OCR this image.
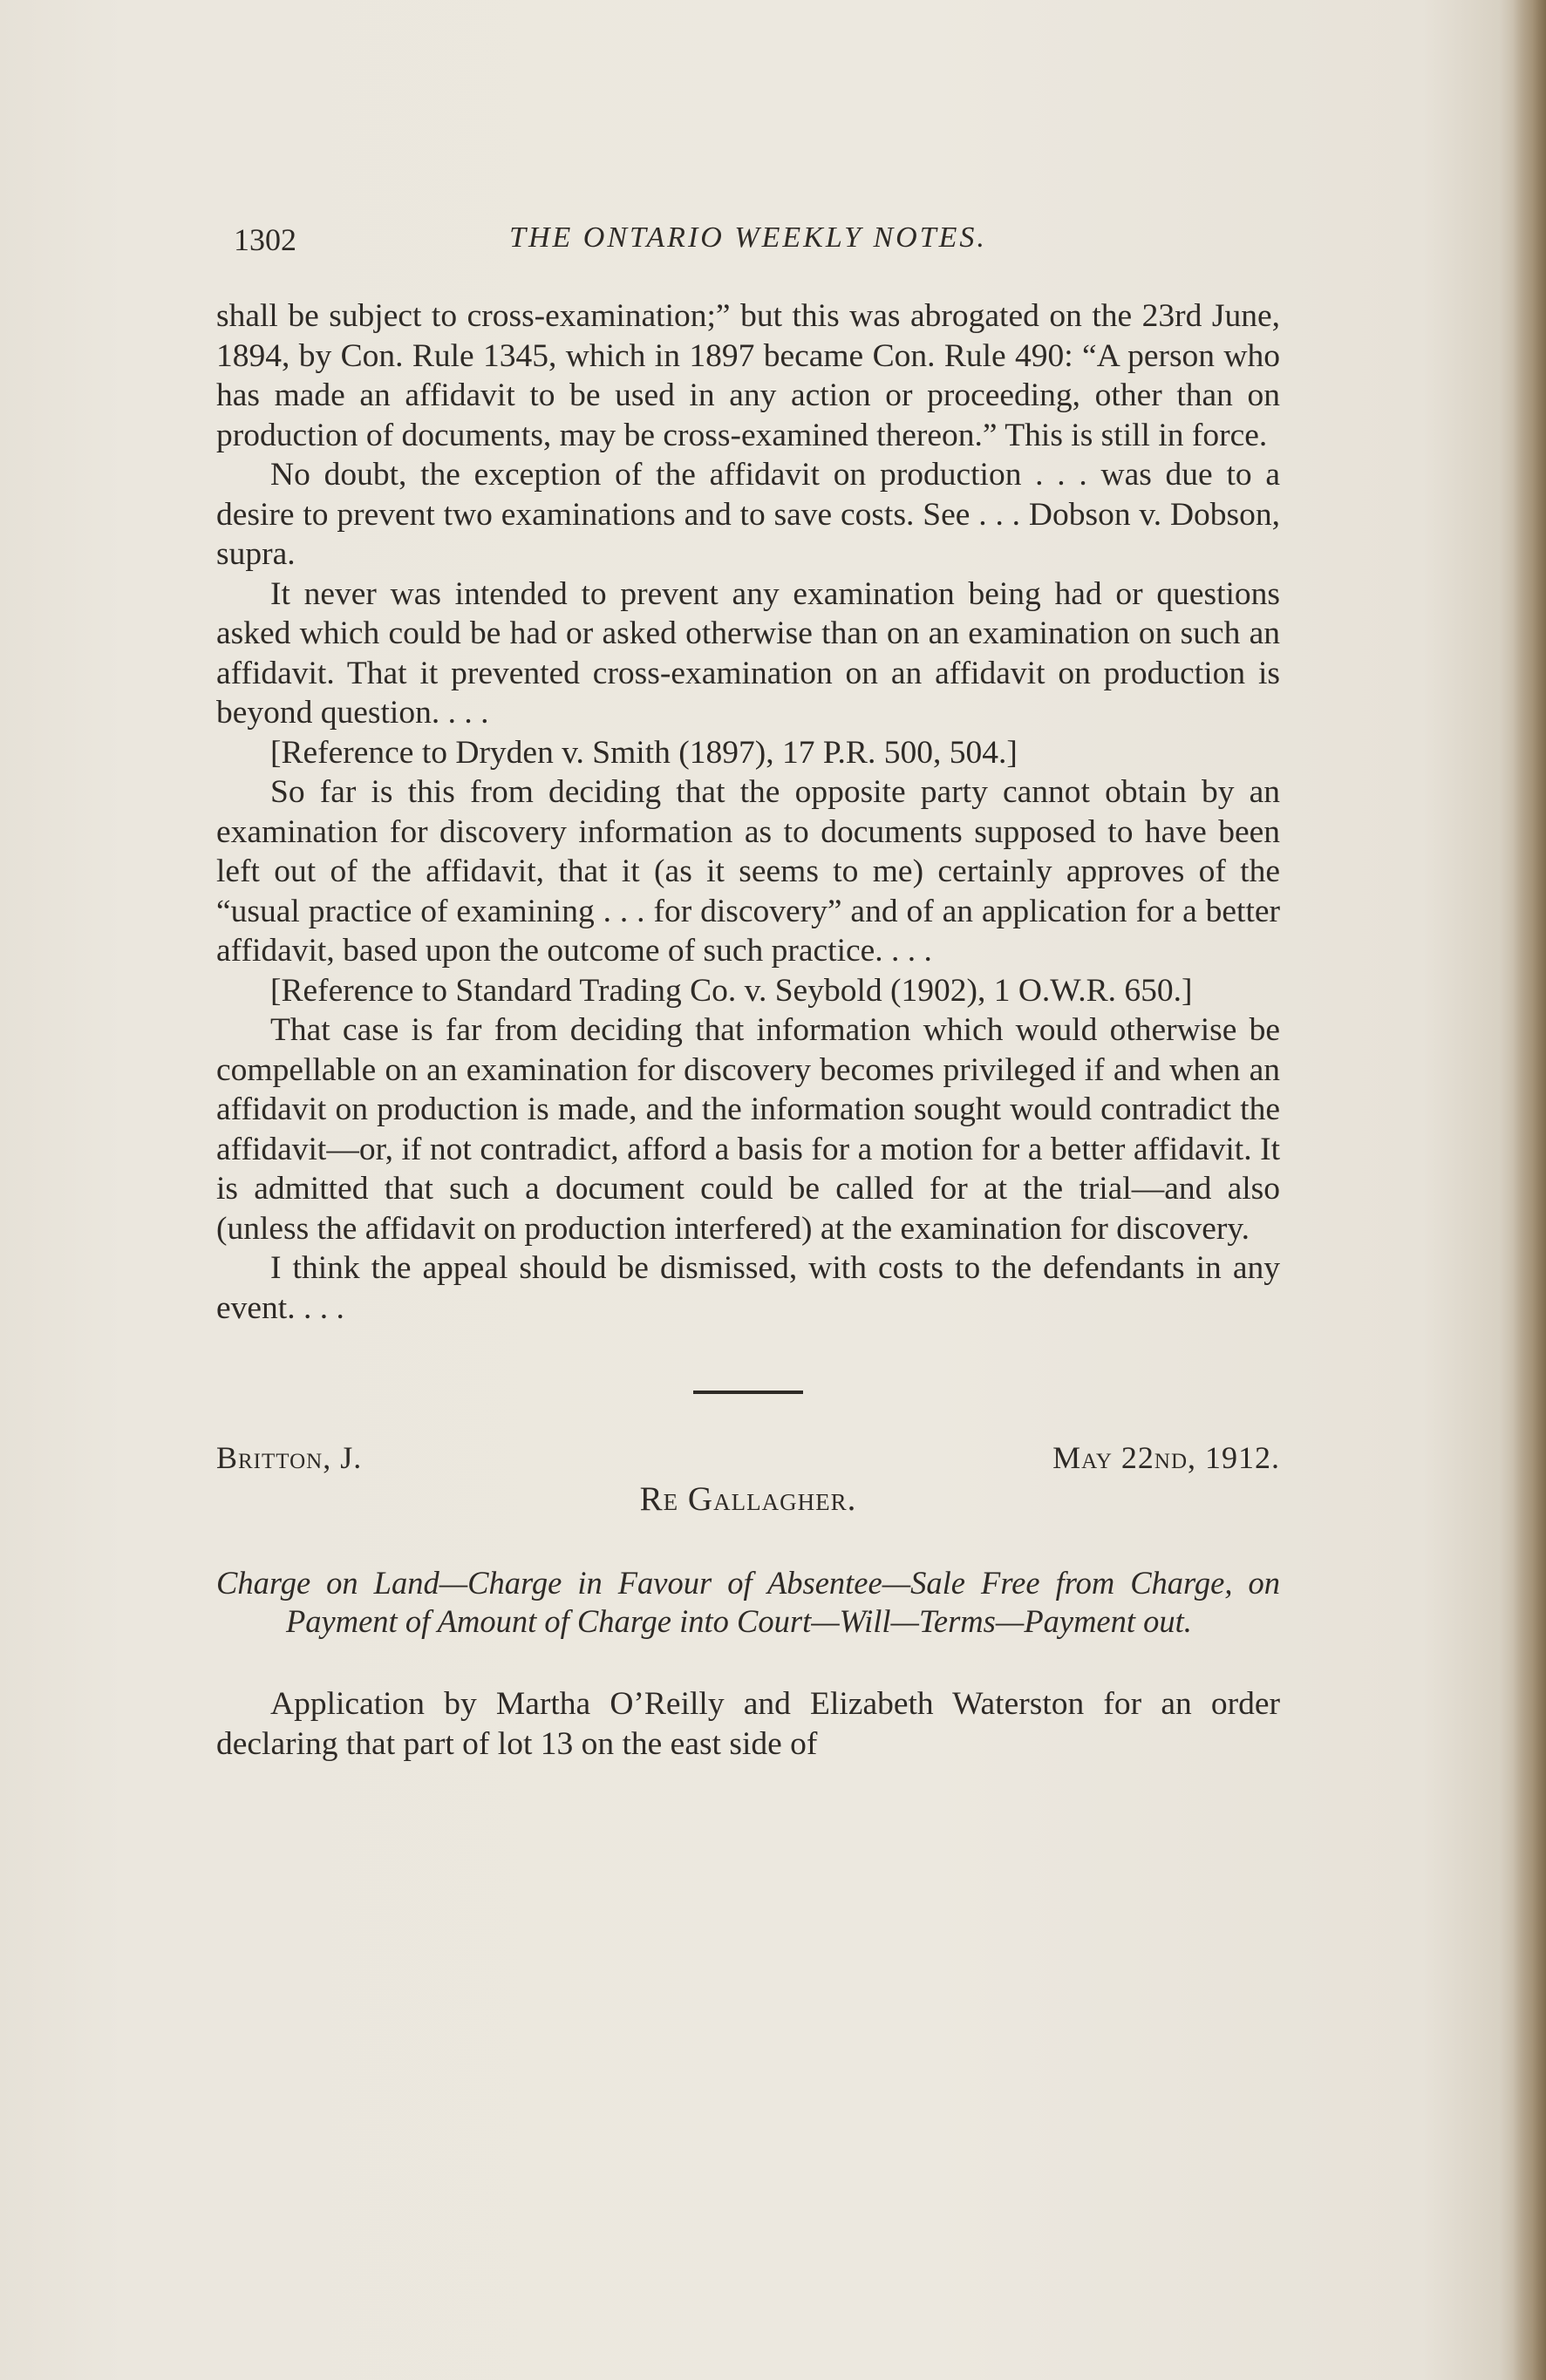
1302	THE ONTARIO WEEKLY NOTES.

shall be subject to cross-examination;” but this was abrogated on the 23rd June, 1894, by Con. Rule 1345, which in 1897 became Con. Rule 490: “A person who has made an affidavit to be used in any action or proceeding, other than on production of documents, may be cross-examined thereon.” This is still in force.

No doubt, the exception of the affidavit on production . . . was due to a desire to prevent two examinations and to save costs. See . . . Dobson v. Dobson, supra.

It never was intended to prevent any examination being had or questions asked which could be had or asked otherwise than on an examination on such an affidavit. That it prevented cross-examination on an affidavit on production is beyond question. . . .

[Reference to Dryden v. Smith (1897), 17 P.R. 500, 504.]

So far is this from deciding that the opposite party cannot obtain by an examination for discovery information as to documents supposed to have been left out of the affidavit, that it (as it seems to me) certainly approves of the “usual practice of examining . . . for discovery” and of an application for a better affidavit, based upon the outcome of such practice. . . .

[Reference to Standard Trading Co. v. Seybold (1902), 1 O.W.R. 650.]

That case is far from deciding that information which would otherwise be compellable on an examination for discovery becomes privileged if and when an affidavit on production is made, and the information sought would contradict the affidavit—or, if not contradict, afford a basis for a motion for a better affidavit. It is admitted that such a document could be called for at the trial—and also (unless the affidavit on production interfered) at the examination for discovery.

I think the appeal should be dismissed, with costs to the defendants in any event. . . .

Britton, J.	May 22nd, 1912.
Re Gallagher.
Charge on Land—Charge in Favour of Absentee—Sale Free from Charge, on Payment of Amount of Charge into Court—Will—Terms—Payment out.

Application by Martha O’Reilly and Elizabeth Waterston for an order declaring that part of lot 13 on the east side of
